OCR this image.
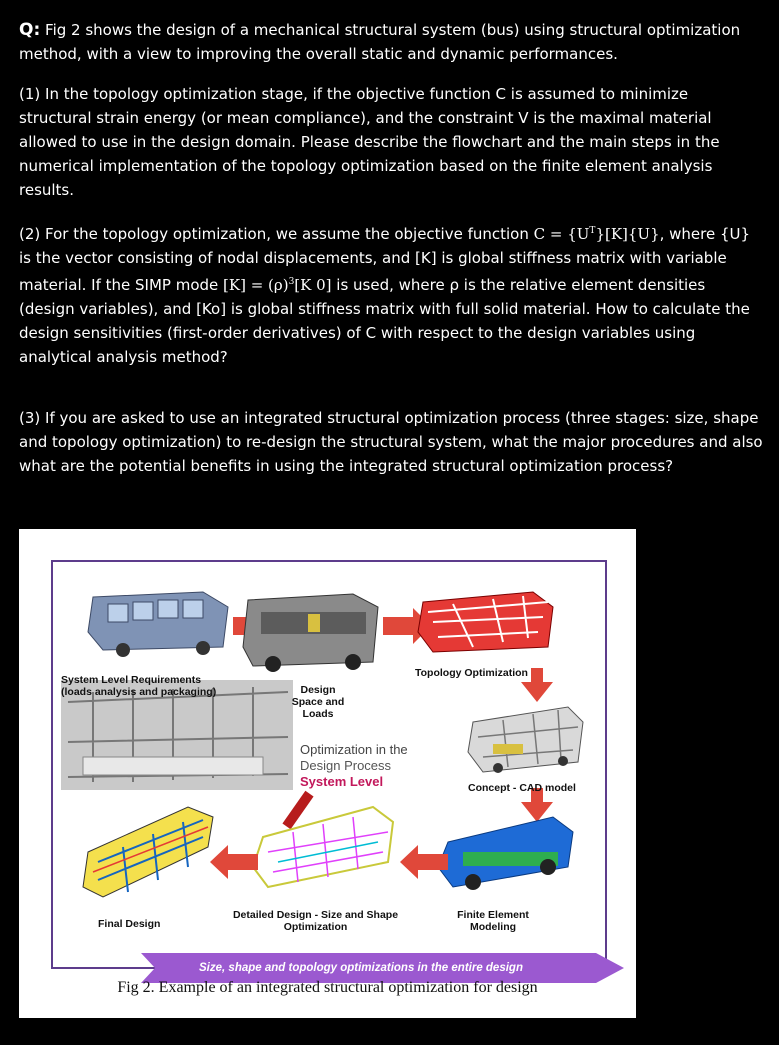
Q: Fig 2 shows the design of a mechanical structural system (bus) using structural optimization method, with a view to improving the overall static and dynamic performances.
(1) In the topology optimization stage, if the objective function C is assumed to minimize structural strain energy (or mean compliance), and the constraint V is the maximal material allowed to use in the design domain. Please describe the flowchart and the main steps in the numerical implementation of the topology optimization based on the finite element analysis results.
(2) For the topology optimization, we assume the objective function $C = \{U^T\}[K]\{U\}$, where {U} is the vector consisting of nodal displacements, and [K] is global stiffness matrix with variable material. If the SIMP mode $[K] = (\rho)^3[K$ 0] is used, where ρ is the relative element densities (design variables), and [Ko] is global stiffness matrix with full solid material. How to calculate the design sensitivities (first-order derivatives) of C with respect to the design variables using analytical analysis method?
(3) If you are asked to use an integrated structural optimization process (three stages: size, shape and topology optimization) to re-design the structural system, what the major procedures and also what are the potential benefits in using the integrated structural optimization process?
System Level Requirements
(loads analysis and packaging)	Design
Space and
Loads
Topology Optimization
Optimization in the
Design Process
System Level	Concept - CAD model
Final Design
Detailed Design - Size and Shape
Optimization
Finite Element
Modeling
Size, shape and topology optimizations in the entire design
Fig 2. Example of an integrated structural optimization for design
